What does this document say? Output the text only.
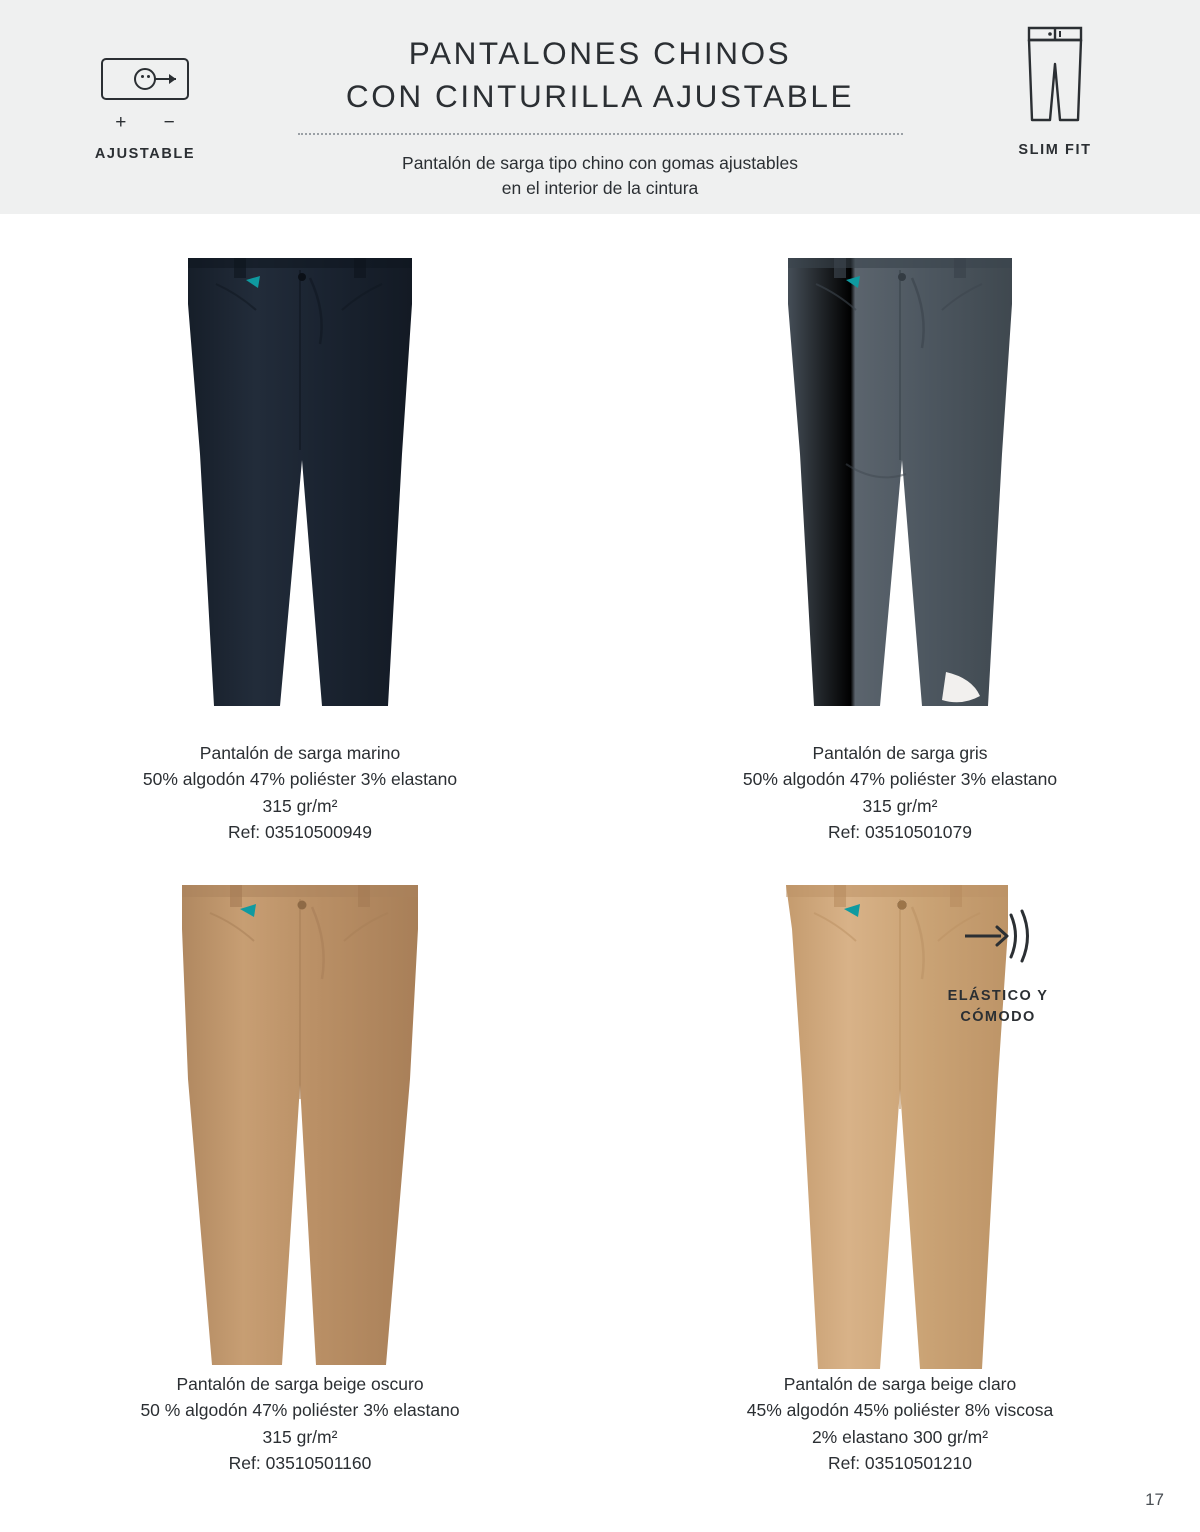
+ −
AJUSTABLE
PANTALONES CHINOS
CON CINTURILLA AJUSTABLE

Pantalón de sarga tipo chino con gomas ajustables
en el interior de la cintura

SLIM FIT
Pantalón de sarga marino
50% algodón 47% poliéster 3% elastano
315 gr/m²
Ref: 03510500949
Pantalón de sarga gris
50% algodón 47% poliéster 3% elastano
315 gr/m²
Ref: 03510501079
Pantalón de sarga beige oscuro
50 % algodón 47% poliéster 3% elastano
315 gr/m²
Ref: 03510501160
ELÁSTICO Y
CÓMODO
Pantalón de sarga beige claro
45% algodón 45% poliéster 8% viscosa
2% elastano 300 gr/m²
Ref: 03510501210
17
